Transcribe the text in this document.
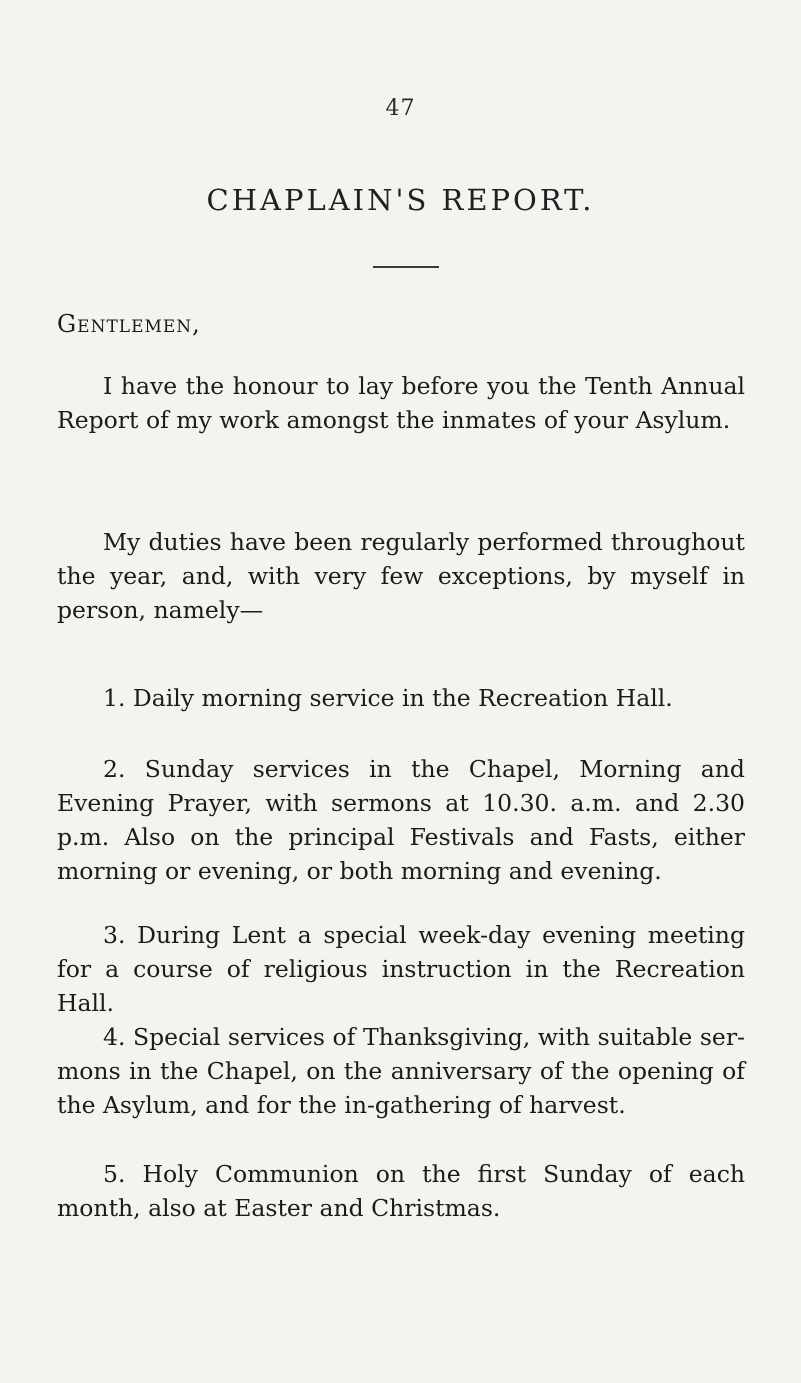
47
CHAPLAIN'S REPORT.
Gentlemen,

I have the honour to lay before you the Tenth Annual Report of my work amongst the inmates of your Asylum.

My duties have been regularly performed throughout the year, and, with very few exceptions, by myself in person, namely—

1. Daily morning service in the Recreation Hall.

2. Sunday services in the Chapel, Morning and Evening Prayer, with sermons at 10.30. a.m. and 2.30 p.m. Also on the principal Festivals and Fasts, either morning or evening, or both morning and evening.

3. During Lent a special week-day evening meeting for a course of religious instruction in the Recreation Hall.

4. Special services of Thanksgiving, with suitable ser-mons in the Chapel, on the anniversary of the opening of the Asylum, and for the in-gathering of harvest.

5. Holy Communion on the first Sunday of each month, also at Easter and Christmas.
